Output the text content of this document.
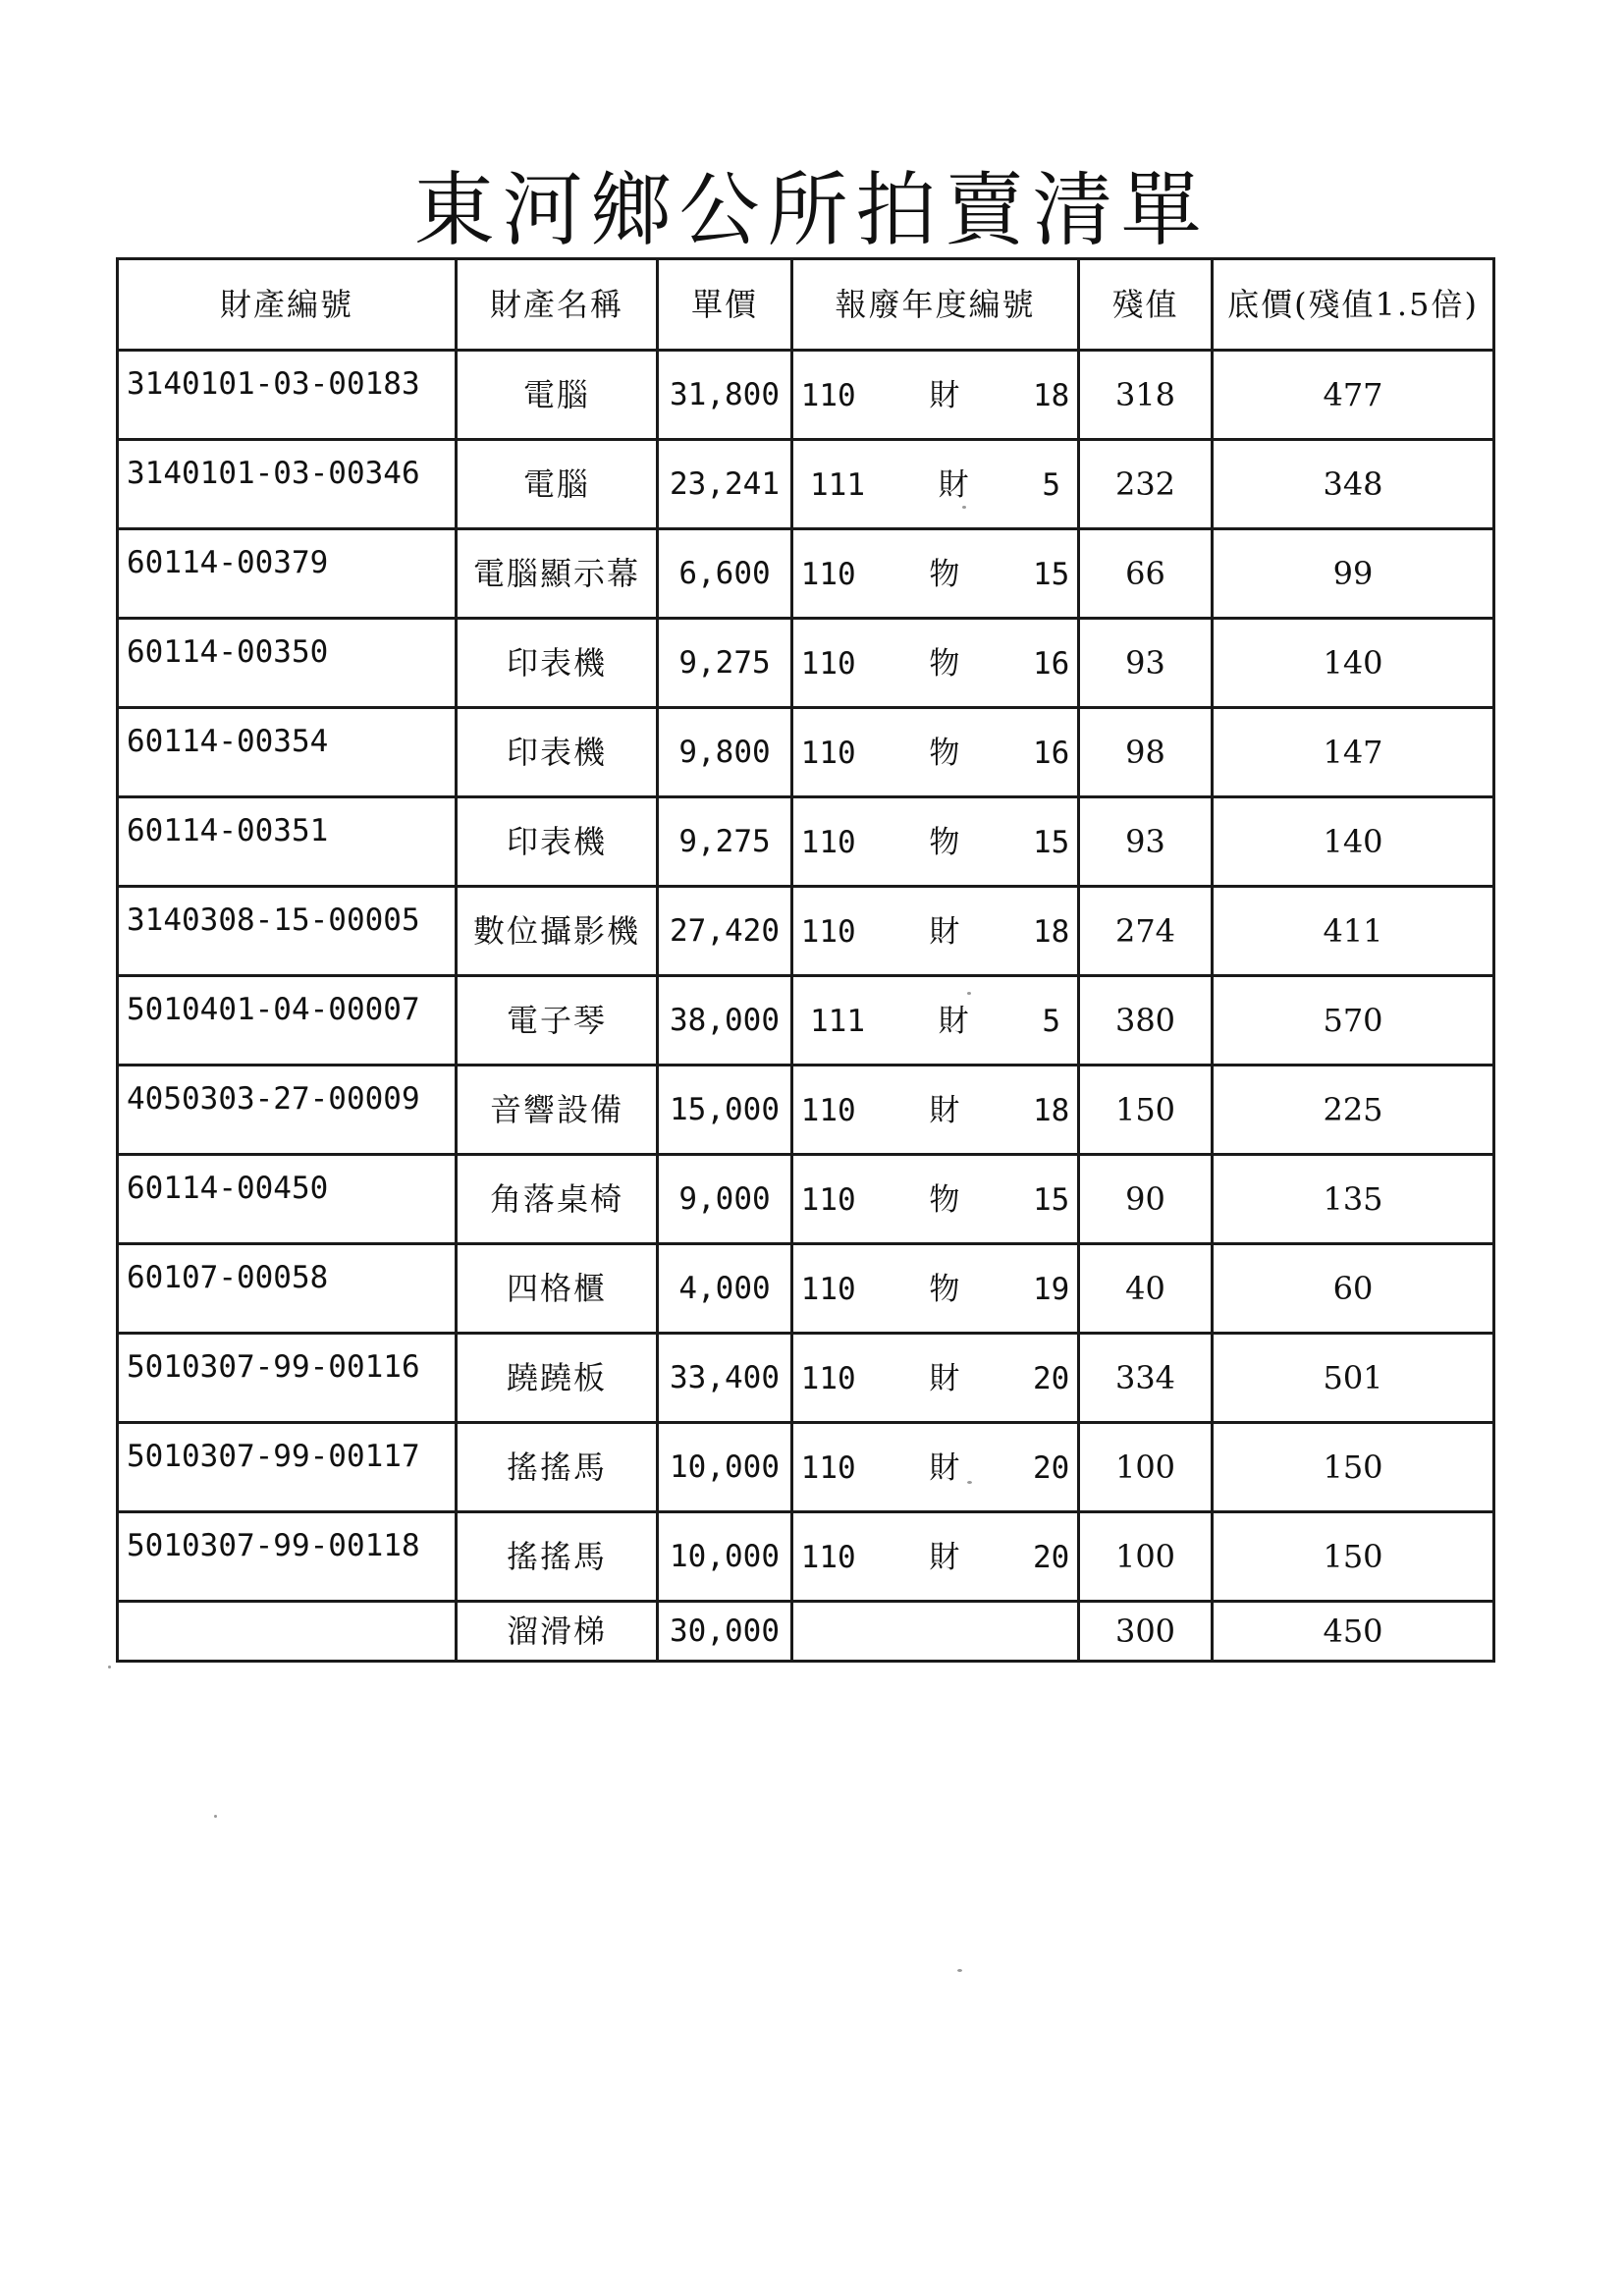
東河鄉公所拍賣清單
財產編號	財產名稱	單價	報廢年度編號	殘值	底價(殘值1.5倍)
3140101-03-00183	電腦	31,800	110 財 18	318	477
3140101-03-00346	電腦	23,241	111 財 5	232	348
60114-00379	電腦顯示幕	6,600	110 物 15	66	99
60114-00350	印表機	9,275	110 物 16	93	140
60114-00354	印表機	9,800	110 物 16	98	147
60114-00351	印表機	9,275	110 物 15	93	140
3140308-15-00005	數位攝影機	27,420	110 財 18	274	411
5010401-04-00007	電子琴	38,000	111 財 5	380	570
4050303-27-00009	音響設備	15,000	110 財 18	150	225
60114-00450	角落桌椅	9,000	110 物 15	90	135
60107-00058	四格櫃	4,000	110 物 19	40	60
5010307-99-00116	蹺蹺板	33,400	110 財 20	334	501
5010307-99-00117	搖搖馬	10,000	110 財 20	100	150
5010307-99-00118	搖搖馬	10,000	110 財 20	100	150
	溜滑梯	30,000		300	450
